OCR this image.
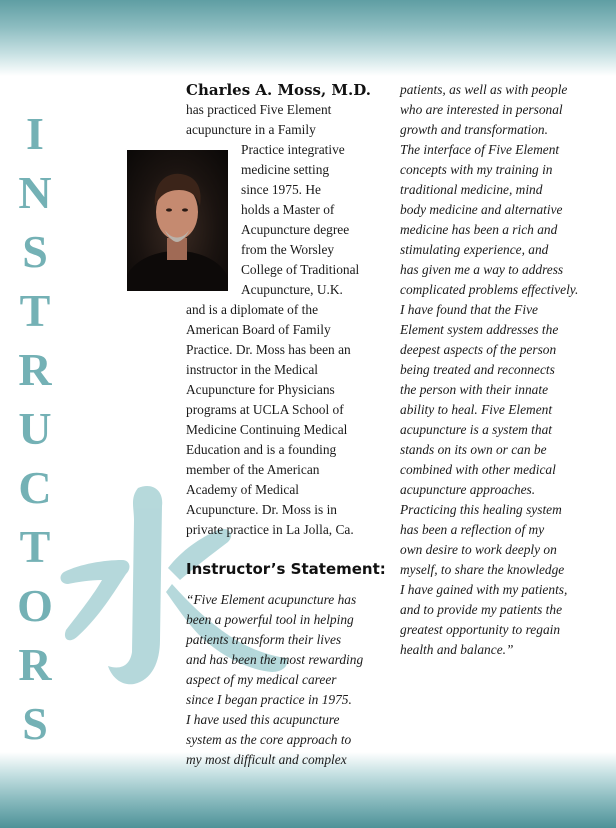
I
N
S
T
R
U
C
T
O
R
S
Charles A. Moss, M.D.

has practiced Five Element

acupuncture in a Family

Practice integrative

medicine setting

since 1975. He

holds a Master of

Acupuncture degree

from the Worsley

College of Traditional

Acupuncture, U.K.

and is a diplomate of the

American Board of Family

Practice. Dr. Moss has been an

instructor in the Medical

Acupuncture for Physicians

programs at UCLA School of

Medicine Continuing Medical

Education and is a founding

member of the American

Academy of Medical

Acupuncture. Dr. Moss is in

private practice in La Jolla, Ca.

Instructor’s Statement:
“Five Element acupuncture has
been a powerful tool in helping
patients transform their lives
and has been the most rewarding
aspect of my medical career
since I began practice in 1975.
I have used this acupuncture
system as the core approach to
my most difficult and complex
patients, as well as with people
who are interested in personal
growth and transformation.
The interface of Five Element
concepts with my training in
traditional medicine, mind
body medicine and alternative
medicine has been a rich and
stimulating experience, and
has given me a way to address
complicated problems effectively.
I have found that the Five
Element system addresses the
deepest aspects of the person
being treated and reconnects
the person with their innate
ability to heal. Five Element
acupuncture is a system that
stands on its own or can be
combined with other medical
acupuncture approaches.
Practicing this healing system
has been a reflection of my
own desire to work deeply on
myself, to share the knowledge
I have gained with my patients,
and to provide my patients the
greatest opportunity to regain
health and balance.”
